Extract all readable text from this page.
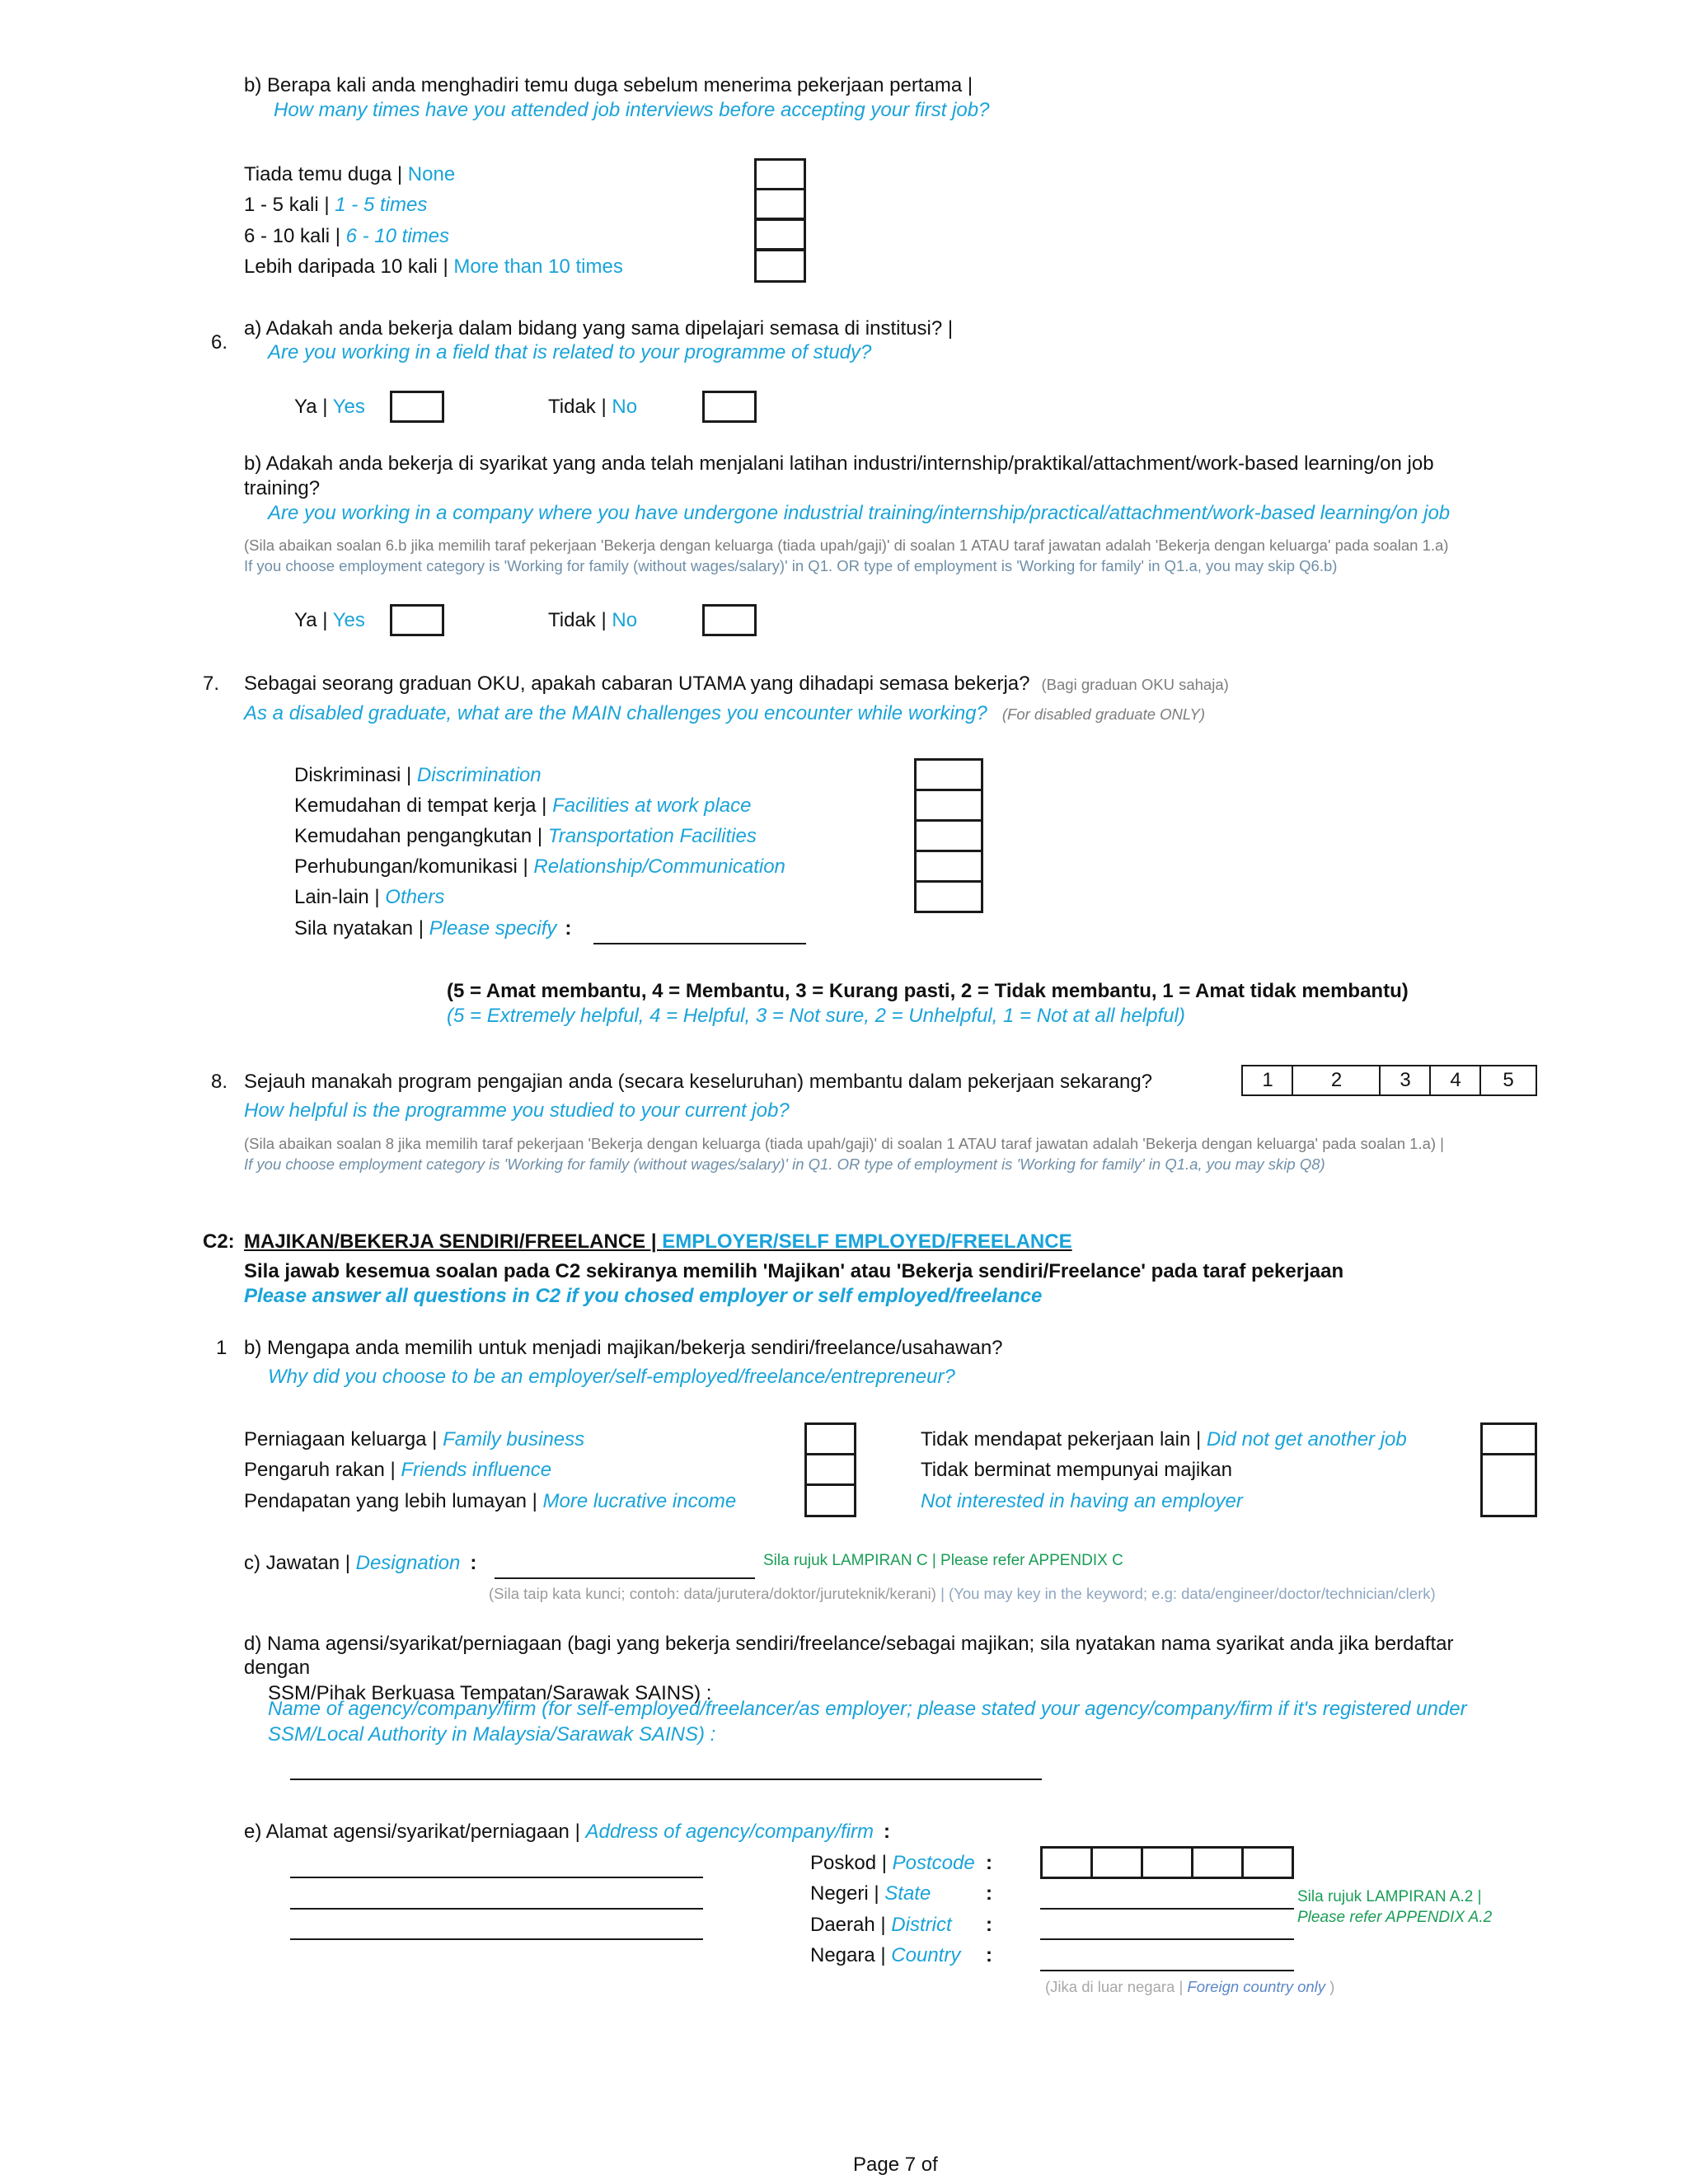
b) Berapa kali anda menghadiri temu duga sebelum menerima pekerjaan pertama |
How many times have you attended job interviews before accepting your first job?
Tiada temu duga | None
1 - 5 kali | 1 - 5 times
6 - 10 kali | 6 - 10 times
Lebih daripada 10 kali | More than 10 times
6.
a) Adakah anda bekerja dalam bidang yang sama dipelajari semasa di institusi? |
Are you working in a field that is related to your programme of study?
Ya | Yes	Tidak | No
b) Adakah anda bekerja di syarikat yang anda telah menjalani latihan industri/internship/praktikal/attachment/work-based learning/on job
training?
Are you working in a company where you have undergone industrial training/internship/practical/attachment/work-based learning/on job
(Sila abaikan soalan 6.b jika memilih taraf pekerjaan 'Bekerja dengan keluarga (tiada upah/gaji)' di soalan 1 ATAU taraf jawatan adalah 'Bekerja dengan keluarga' pada soalan 1.a)
If you choose employment category is 'Working for family (without wages/salary)' in Q1. OR type of employment is 'Working for family' in Q1.a, you may skip Q6.b)
Ya | Yes	Tidak | No
7. Sebagai seorang graduan OKU, apakah cabaran UTAMA yang dihadapi semasa bekerja? (Bagi graduan OKU sahaja)
As a disabled graduate, what are the MAIN challenges you encounter while working? (For disabled graduate ONLY)
Diskriminasi | Discrimination
Kemudahan di tempat kerja | Facilities at work place
Kemudahan pengangkutan | Transportation Facilities
Perhubungan/komunikasi | Relationship/Communication
Lain-lain | Others
Sila nyatakan | Please specify :
(5 = Amat membantu, 4 = Membantu, 3 = Kurang pasti, 2 = Tidak membantu, 1 = Amat tidak membantu)
(5 = Extremely helpful, 4 = Helpful, 3 = Not sure, 2 = Unhelpful, 1 = Not at all helpful)
8. Sejauh manakah program pengajian anda (secara keseluruhan) membantu dalam pekerjaan sekarang?
How helpful is the programme you studied to your current job?
1	2	3	4	5
(Sila abaikan soalan 8 jika memilih taraf pekerjaan 'Bekerja dengan keluarga (tiada upah/gaji)' di soalan 1 ATAU taraf jawatan adalah 'Bekerja dengan keluarga' pada soalan 1.a) |
If you choose employment category is 'Working for family (without wages/salary)' in Q1. OR type of employment is 'Working for family' in Q1.a, you may skip Q8)
C2: MAJIKAN/BEKERJA SENDIRI/FREELANCE | EMPLOYER/SELF EMPLOYED/FREELANCE
Sila jawab kesemua soalan pada C2 sekiranya memilih 'Majikan' atau 'Bekerja sendiri/Freelance' pada taraf pekerjaan
Please answer all questions in C2 if you chosed employer or self employed/freelance
1 b) Mengapa anda memilih untuk menjadi majikan/bekerja sendiri/freelance/usahawan?
Why did you choose to be an employer/self-employed/freelance/entrepreneur?
Perniagaan keluarga | Family business
Pengaruh rakan | Friends influence
Pendapatan yang lebih lumayan | More lucrative income
Tidak mendapat pekerjaan lain | Did not get another job
Tidak berminat mempunyai majikan
Not interested in having an employer
c) Jawatan | Designation :	Sila rujuk LAMPIRAN C | Please refer APPENDIX C
(Sila taip kata kunci; contoh: data/jurutera/doktor/juruteknik/kerani) | (You may key in the keyword; e.g: data/engineer/doctor/technician/clerk)
d) Nama agensi/syarikat/perniagaan (bagi yang bekerja sendiri/freelance/sebagai majikan; sila nyatakan nama syarikat anda jika berdaftar
dengan
SSM/Pihak Berkuasa Tempatan/Sarawak SAINS) :
Name of agency/company/firm (for self-employed/freelancer/as employer; please stated your agency/company/firm if it's registered under
SSM/Local Authority in Malaysia/Sarawak SAINS) :
e) Alamat agensi/syarikat/perniagaan | Address of agency/company/firm :
Poskod | Postcode :
Negeri | State	:	Sila rujuk LAMPIRAN A.2 |
Please refer APPENDIX A.2
Daerah | District :
Negara | Country :
(Jika di luar negara | Foreign country only )
Page 7 of
